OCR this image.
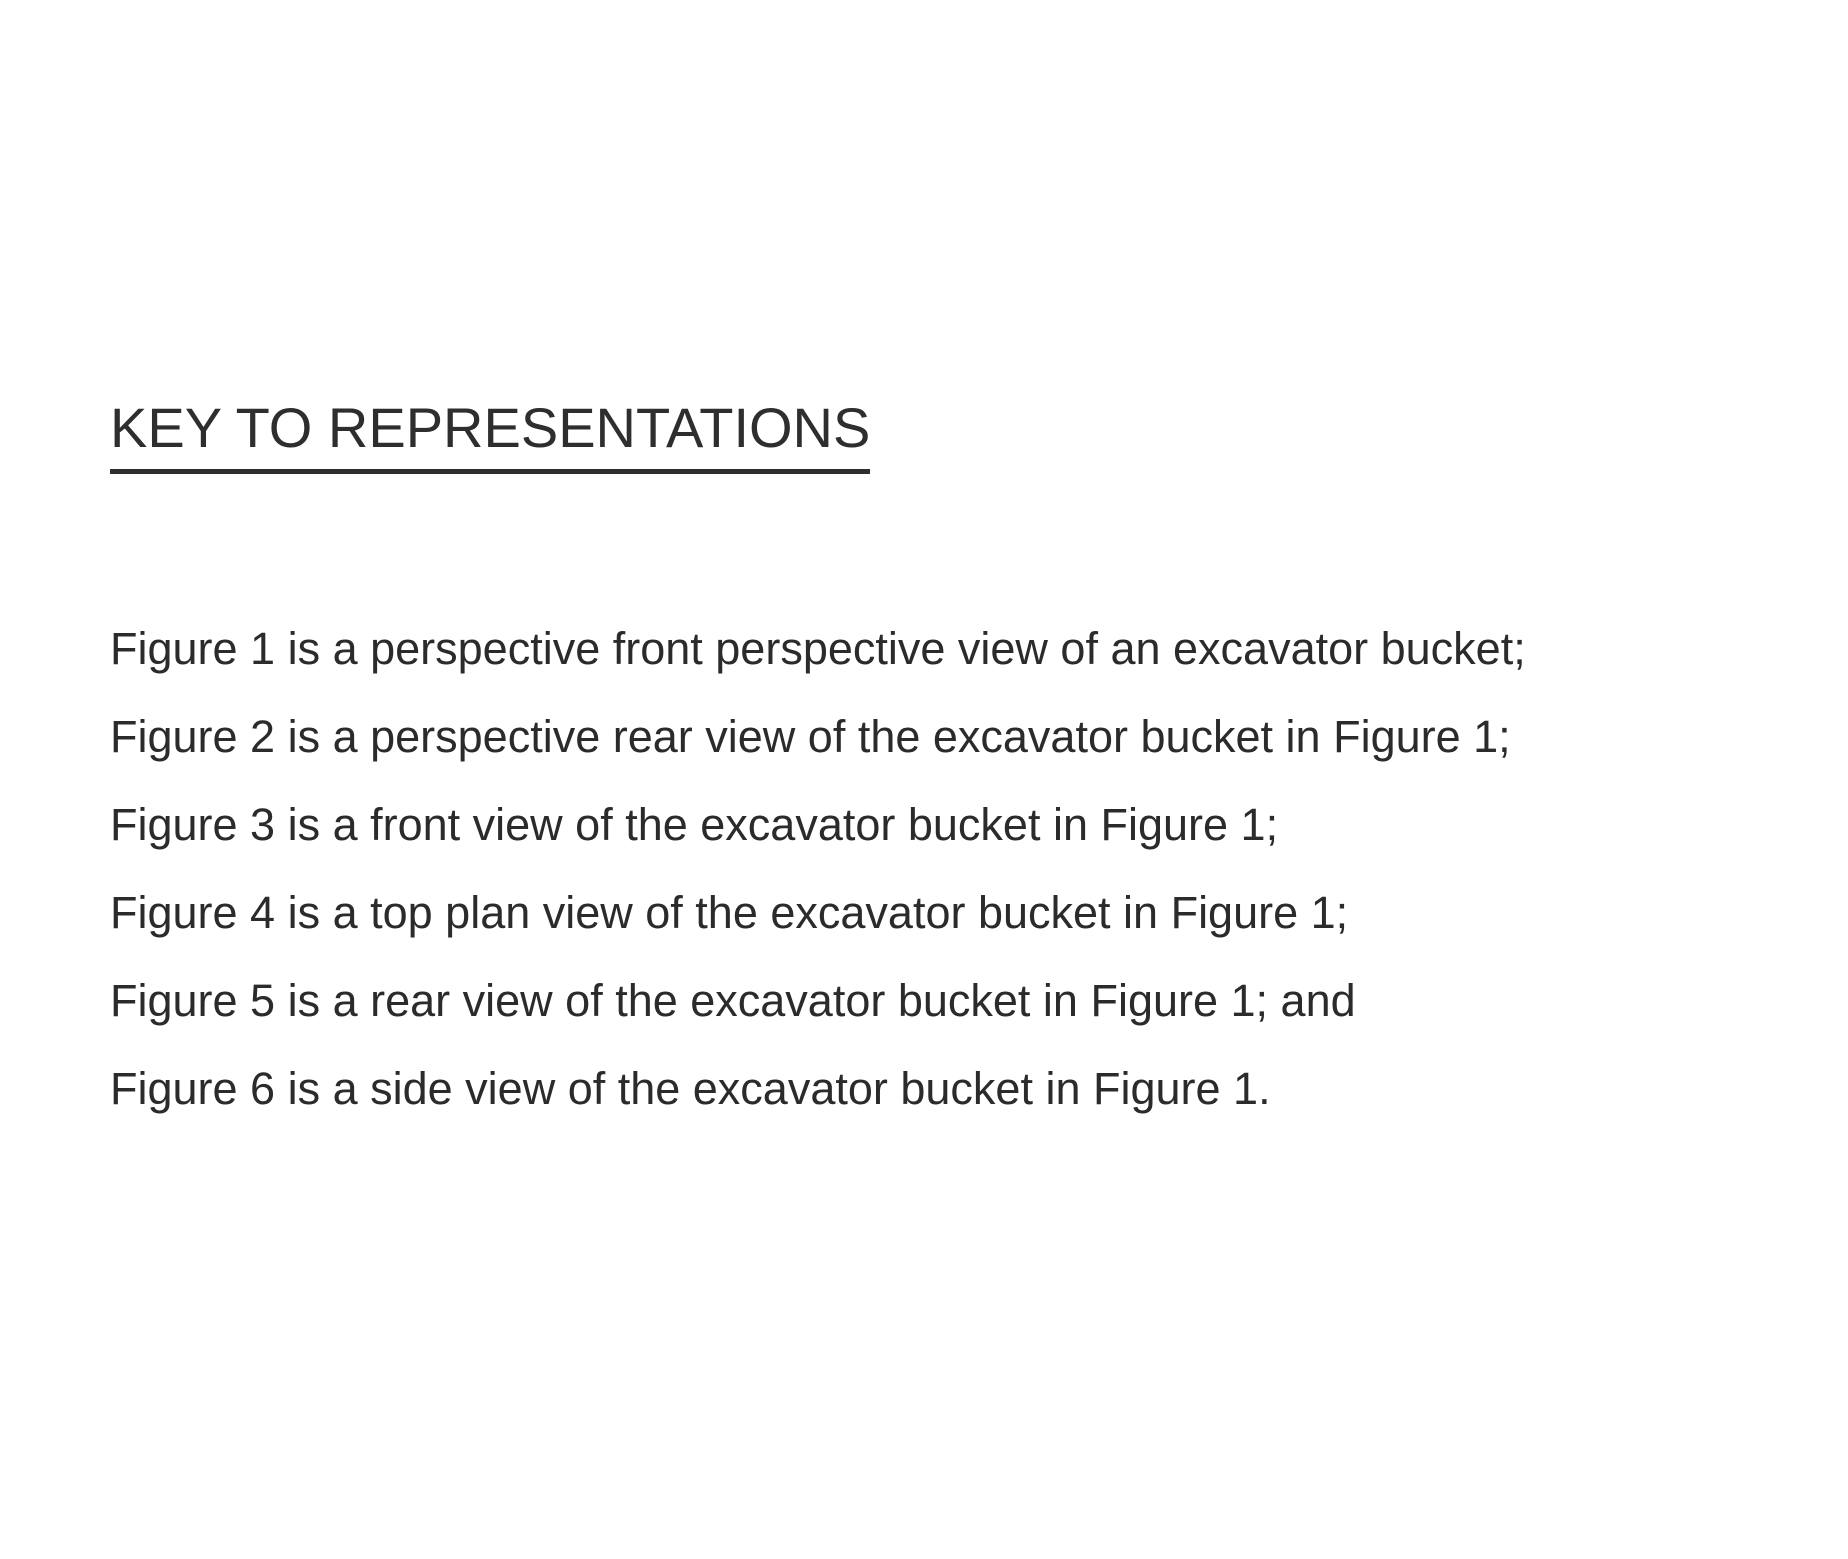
KEY TO REPRESENTATIONS
Figure 1 is a perspective front perspective view of an excavator bucket;
Figure 2 is a perspective rear view of the excavator bucket in Figure 1;
Figure 3 is a front view of the excavator bucket in Figure 1;
Figure 4 is a top plan view of the excavator bucket in Figure 1;
Figure 5 is a rear view of the excavator bucket in Figure 1; and
Figure 6 is a side view of the excavator bucket in Figure 1.
